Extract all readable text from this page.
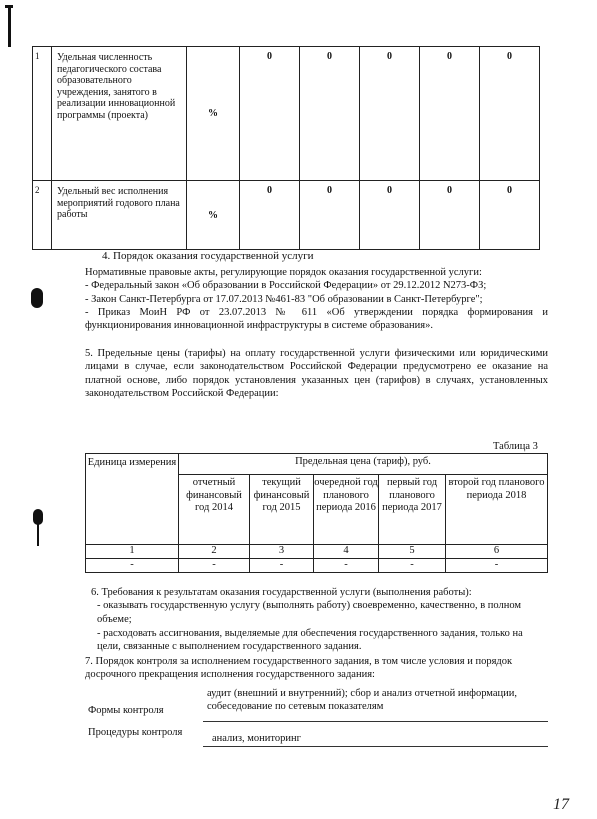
1	Удельная численность педагогического состава образовательного учреждения, занятого в реализации инновационной программы (проекта)	%	0	0	0	0	0
2	Удельный вес исполнения мероприятий годового плана работы	%	0	0	0	0	0
4. Порядок оказания государственной услуги

Нормативные правовые акты, регулирующие порядок оказания государственной услуги:

- Федеральный закон «Об образовании в Российской Федерации» от 29.12.2012 N273-ФЗ;

- Закон Санкт-Петербурга от 17.07.2013 №461-83 "Об образовании в Санкт-Петербурге";

- Приказ МоиН РФ от 23.07.2013 № 611 «Об утверждении порядка формирования и функционирования инновационной инфраструктуры в системе образования».

5. Предельные цены (тарифы) на оплату государственной услуги физическими или юридическими лицами в случае, если законодательством Российской Федерации предусмотрено ее оказание на платной основе, либо порядок установления указанных цен (тарифов) в случаях, установленных законодательством Российской Федерации:
Таблица 3
Единица измерения	Предельная цена (тариф), руб.				
	отчетный финансовый год 2014	текущий финансовый год 2015	очередной год планового периода 2016	первый год планового периода 2017	второй год планового периода 2018
1	2	3	4	5	6
-	-	-	-	-	-

6. Требования к результатам оказания государственной услуги (выполнения работы):

- оказывать государственную услугу (выполнять работу) своевременно, качественно, в полном объеме;

- расходовать ассигнования, выделяемые для обеспечения государственного задания, только на цели, связанные с выполнением государственного задания.

7. Порядок контроля за исполнением государственного задания, в том числе условия и порядок досрочного прекращения исполнения государственного задания:
Формы контроля
аудит (внешний и внутренний); сбор и анализ отчетной информации, собеседование по сетевым показателям
Процедуры контроля
анализ, мониторинг
17
